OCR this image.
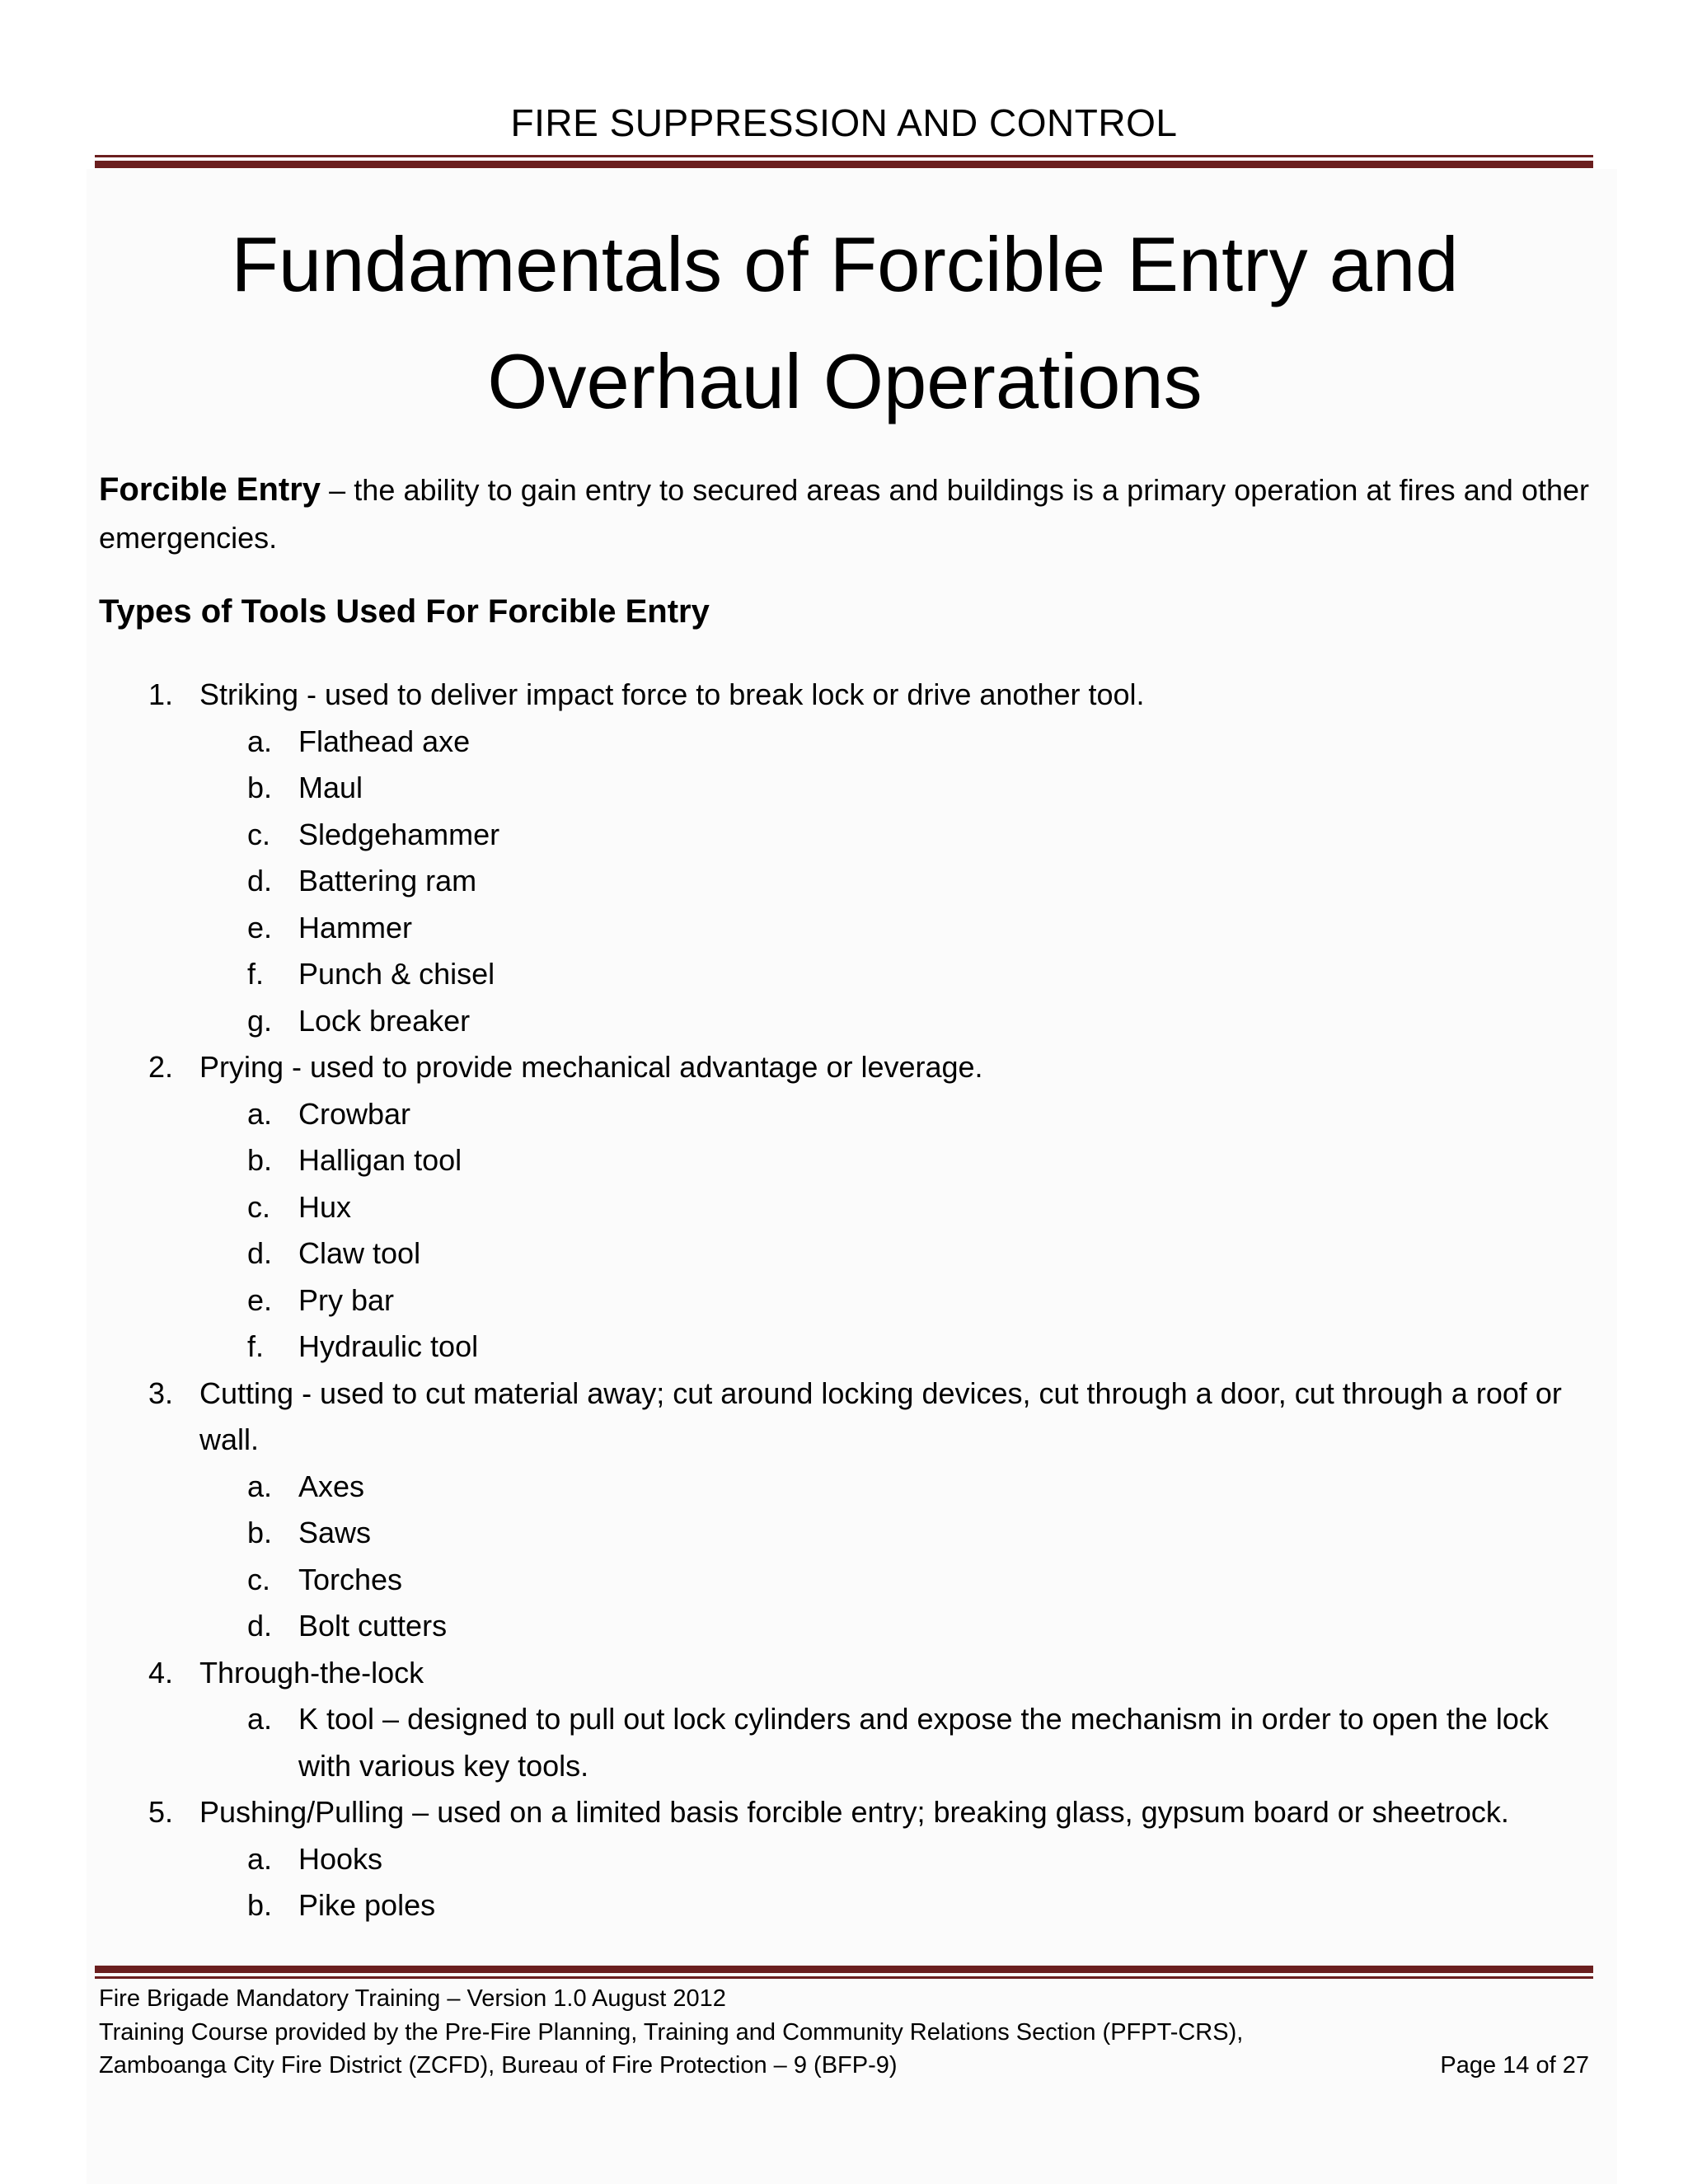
FIRE SUPPRESSION AND CONTROL
Fundamentals of Forcible Entry and
Overhaul Operations
Forcible Entry – the ability to gain entry to secured areas and buildings is a primary operation at fires and other emergencies.
Types of Tools Used For Forcible Entry
1. Striking - used to deliver impact force to break lock or drive another tool.
a. Flathead axe
b. Maul
c. Sledgehammer
d. Battering ram
e. Hammer
f. Punch & chisel
g. Lock breaker
2. Prying - used to provide mechanical advantage or leverage.
a. Crowbar
b. Halligan tool
c. Hux
d. Claw tool
e. Pry bar
f. Hydraulic tool
3. Cutting - used to cut material away; cut around locking devices, cut through a door, cut through a roof or wall.
a. Axes
b. Saws
c. Torches
d. Bolt cutters
4. Through-the-lock
a. K tool – designed to pull out lock cylinders and expose the mechanism in order to open the lock with various key tools.
5. Pushing/Pulling – used on a limited basis forcible entry; breaking glass, gypsum board or sheetrock.
a. Hooks
b. Pike poles
Fire Brigade Mandatory Training – Version 1.0 August 2012
Training Course provided by the Pre-Fire Planning, Training and Community Relations Section (PFPT-CRS),
Zamboanga City Fire District (ZCFD), Bureau of Fire Protection – 9 (BFP-9)	Page 14 of 27
